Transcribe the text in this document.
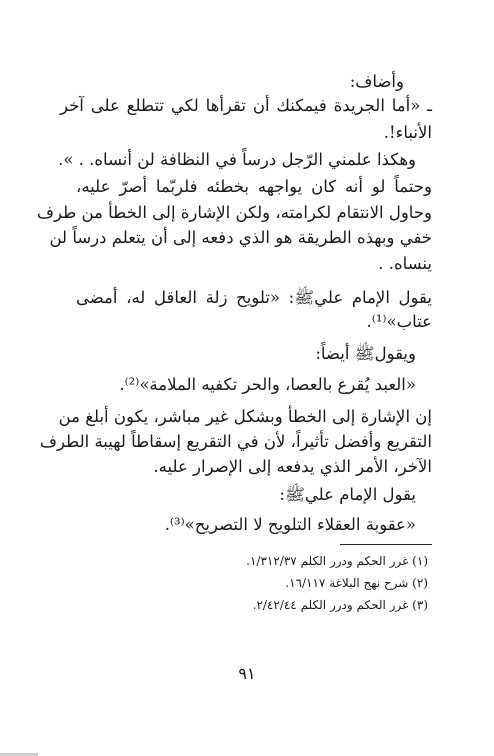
وأضاف:
ـ «أما الجريدة فيمكنك أن تقرأها لكي تتطلع على آخر
الأنباء!.
وهكذا علمني الرّجل درساً في النظافة لن أنساه. . ».
وحتماً لو أنه كان يواجهه بخطئه فلربّما أصرّ عليه،
وحاول الانتقام لكرامته، ولكن الإشارة إلى الخطأ من طرف
خفي وبهذه الطريقة هو الذي دفعه إلى أن يتعلم درساً لن
ينساه. .
يقول الإمام عليﷺ: «تلويح زلة العاقل له، أمضى
عتاب»⁽¹⁾.
ويقولﷺ أيضاً:
«العبد يُقرع بالعصا، والحر تكفيه الملامة»⁽²⁾.
إن الإشارة إلى الخطأ وبشكل غير مباشر، يكون أبلغ من
التقريع وأفضل تأثيراً، لأن في التقريع إسقاطاً لهيبة الطرف
الآخر، الأمر الذي يدفعه إلى الإصرار عليه.
يقول الإمام عليﷺ:
«عقوبة العقلاء التلويح لا التصريح»⁽³⁾.
(١) غرر الحكم ودرر الكلم ١/٣١٢/٣٧.
(٢) شرح نهج البلاغة ١٦/١١٧.
(٣) غرر الحكم ودرر الكلم ٢/٤٢/٤٤.
٩١
